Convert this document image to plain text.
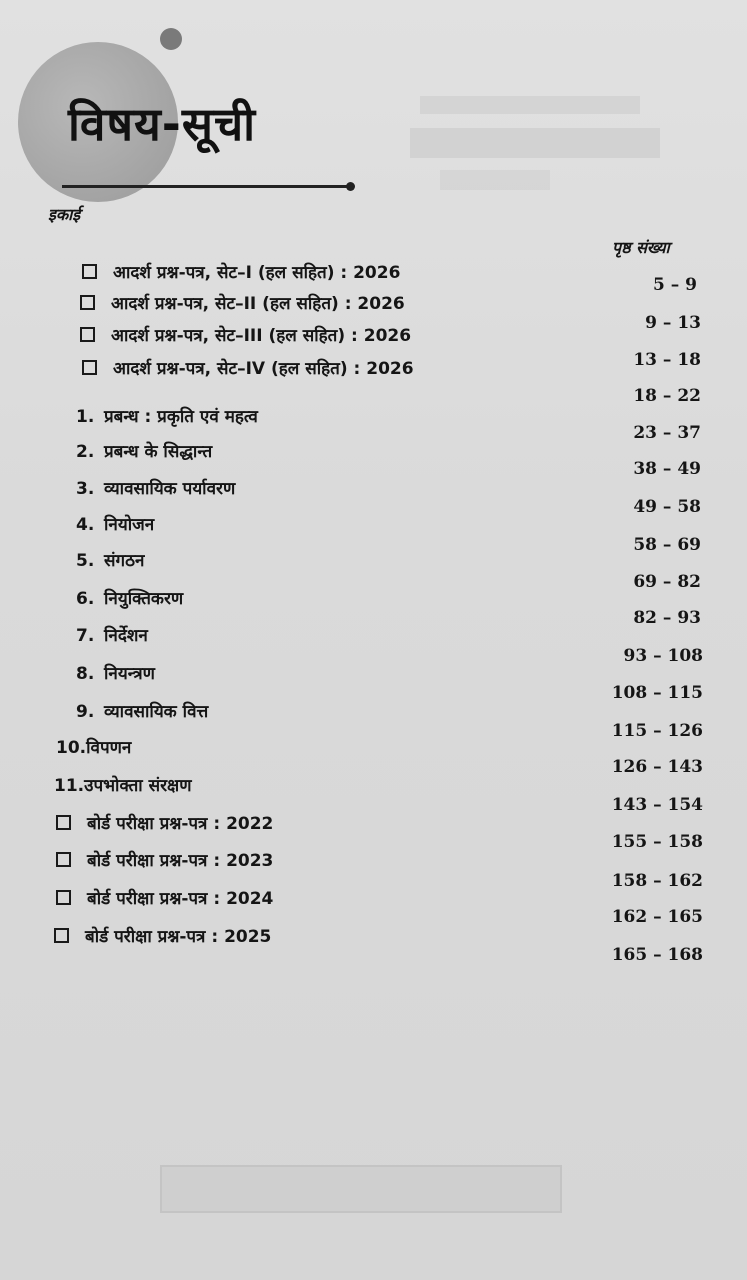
विषय-सूची
इकाई
पृष्ठ संख्या
आदर्श प्रश्न-पत्र, सेट–I (हल सहित) : 2026
5 – 9
आदर्श प्रश्न-पत्र, सेट–II (हल सहित) : 2026
9 – 13
आदर्श प्रश्न-पत्र, सेट–III (हल सहित) : 2026
13 – 18
आदर्श प्रश्न-पत्र, सेट–IV (हल सहित) : 2026
18 – 22
1. प्रबन्ध : प्रकृति एवं महत्व
23 – 37
2. प्रबन्ध के सिद्धान्त
38 – 49
3. व्यावसायिक पर्यावरण
49 – 58
4. नियोजन
58 – 69
5. संगठन
69 – 82
6. नियुक्तिकरण
82 – 93
7. निर्देशन
93 – 108
8. नियन्त्रण
108 – 115
9. व्यावसायिक वित्त
115 – 126
10.विपणन
126 – 143
11.उपभोक्ता संरक्षण
143 – 154
बोर्ड परीक्षा प्रश्न-पत्र : 2022
155 – 158
बोर्ड परीक्षा प्रश्न-पत्र : 2023
158 – 162
बोर्ड परीक्षा प्रश्न-पत्र : 2024
162 – 165
बोर्ड परीक्षा प्रश्न-पत्र : 2025
165 – 168
